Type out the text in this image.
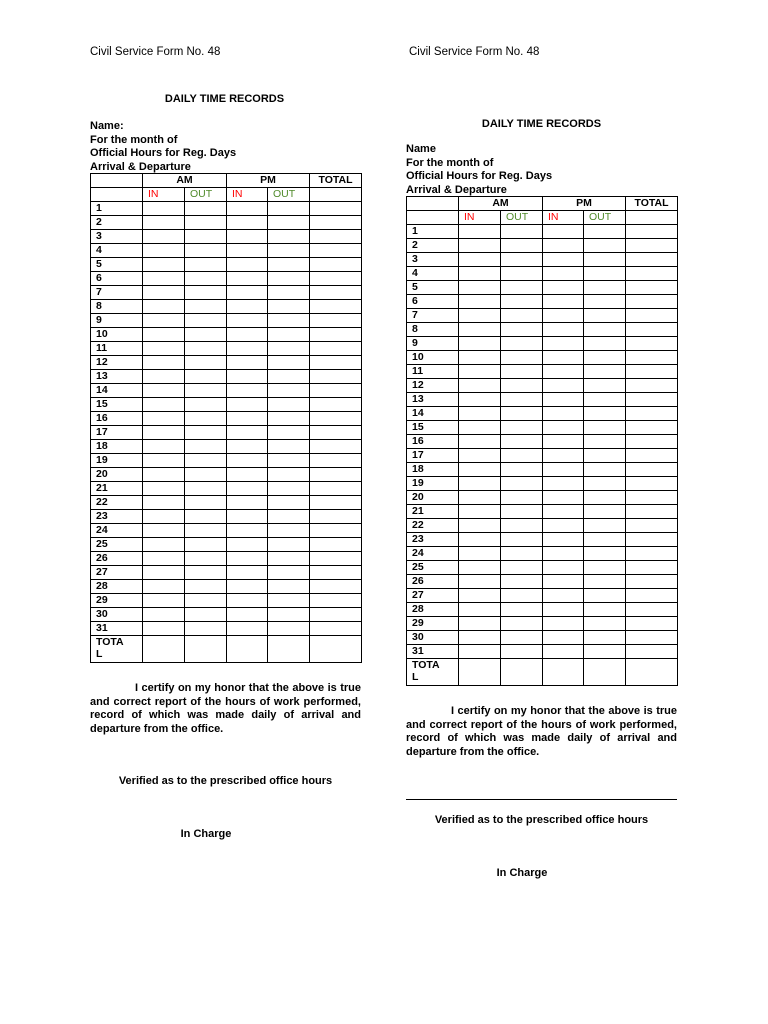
Civil Service Form No. 48
DAILY TIME RECORDS
Name:
For the month of
Official Hours for Reg. Days
Arrival & Departure
	AM		PM		TOTAL
	IN	OUT	IN	OUT	
1					
2					
3					
4					
5					
6					
7					
8					
9					
10					
11					
12					
13					
14					
15					
16					
17					
18					
19					
20					
21					
22					
23					
24					
25					
26					
27					
28					
29					
30					
31					

TOTAL					

I certify on my honor that the above is true and correct report of the hours of work performed, record of which was made daily of arrival and departure from the office.
Verified as to the prescribed office hours
In Charge
Civil Service Form No. 48
DAILY TIME RECORDS
Name
For the month of
Official Hours for Reg. Days
Arrival & Departure
	AM		PM		TOTAL
	IN	OUT	IN	OUT	
1					
2					
3					
4					
5					
6					
7					
8					
9					
10					
11					
12					
13					
14					
15					
16					
17					
18					
19					
20					
21					
22					
23					
24					
25					
26					
27					
28					
29					
30					
31					

TOTAL					

I certify on my honor that the above is true and correct report of the hours of work performed, record of which was made daily of arrival and departure from the office.
Verified as to the prescribed office hours
In Charge
